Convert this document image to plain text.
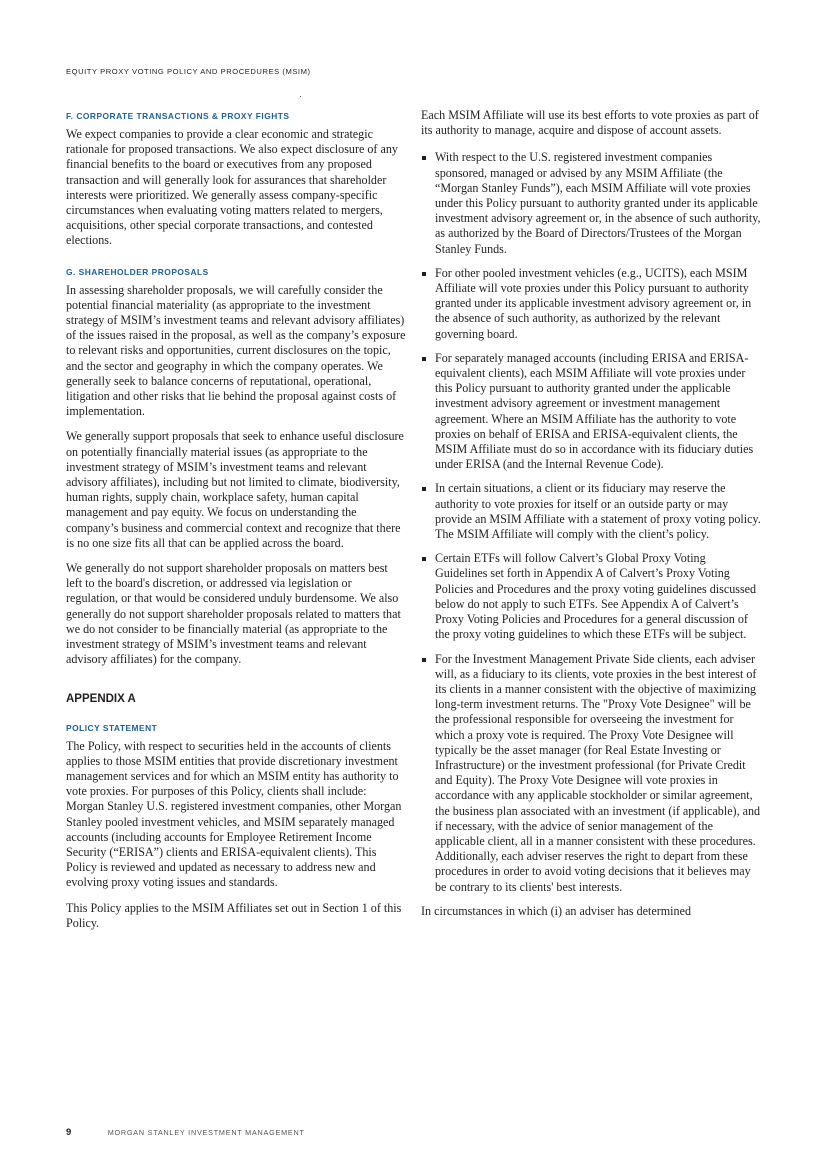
EQUITY PROXY VOTING POLICY AND PROCEDURES (MSIM)
F. CORPORATE TRANSACTIONS & PROXY FIGHTS

We expect companies to provide a clear economic and strategic rationale for proposed transactions. We also expect disclosure of any financial benefits to the board or executives from any proposed transaction and will generally look for assurances that shareholder interests were prioritized. We generally assess company-specific circumstances when evaluating voting matters related to mergers, acquisitions, other special corporate transactions, and contested elections.

G. SHAREHOLDER PROPOSALS

In assessing shareholder proposals, we will carefully consider the potential financial materiality (as appropriate to the investment strategy of MSIM’s investment teams and relevant advisory affiliates) of the issues raised in the proposal, as well as the company’s exposure to relevant risks and opportunities, current disclosures on the topic, and the sector and geography in which the company operates. We generally seek to balance concerns of reputational, operational, litigation and other risks that lie behind the proposal against costs of implementation.

We generally support proposals that seek to enhance useful disclosure on potentially financially material issues (as appropriate to the investment strategy of MSIM’s investment teams and relevant advisory affiliates), including but not limited to climate, biodiversity, human rights, supply chain, workplace safety, human capital management and pay equity. We focus on understanding the company’s business and commercial context and recognize that there is no one size fits all that can be applied across the board.

We generally do not support shareholder proposals on matters best left to the board's discretion, or addressed via legislation or regulation, or that would be considered unduly burdensome. We also generally do not support shareholder proposals related to matters that we do not consider to be financially material (as appropriate to the investment strategy of MSIM’s investment teams and relevant advisory affiliates) for the company.

APPENDIX A
POLICY STATEMENT

The Policy, with respect to securities held in the accounts of clients applies to those MSIM entities that provide discretionary investment management services and for which an MSIM entity has authority to vote proxies. For purposes of this Policy, clients shall include: Morgan Stanley U.S. registered investment companies, other Morgan Stanley pooled investment vehicles, and MSIM separately managed accounts (including accounts for Employee Retirement Income Security (“ERISA”) clients and ERISA-equivalent clients). This Policy is reviewed and updated as necessary to address new and evolving proxy voting issues and standards.

This Policy applies to the MSIM Affiliates set out in Section 1 of this Policy.

Each MSIM Affiliate will use its best efforts to vote proxies as part of its authority to manage, acquire and dispose of account assets.

With respect to the U.S. registered investment companies sponsored, managed or advised by any MSIM Affiliate (the “Morgan Stanley Funds”), each MSIM Affiliate will vote proxies under this Policy pursuant to authority granted under its applicable investment advisory agreement or, in the absence of such authority, as authorized by the Board of Directors/Trustees of the Morgan Stanley Funds.

For other pooled investment vehicles (e.g., UCITS), each MSIM Affiliate will vote proxies under this Policy pursuant to authority granted under its applicable investment advisory agreement or, in the absence of such authority, as authorized by the relevant governing board.

For separately managed accounts (including ERISA and ERISA-equivalent clients), each MSIM Affiliate will vote proxies under this Policy pursuant to authority granted under the applicable investment advisory agreement or investment management agreement. Where an MSIM Affiliate has the authority to vote proxies on behalf of ERISA and ERISA-equivalent clients, the MSIM Affiliate must do so in accordance with its fiduciary duties under ERISA (and the Internal Revenue Code).

In certain situations, a client or its fiduciary may reserve the authority to vote proxies for itself or an outside party or may provide an MSIM Affiliate with a statement of proxy voting policy. The MSIM Affiliate will comply with the client’s policy.

Certain ETFs will follow Calvert’s Global Proxy Voting Guidelines set forth in Appendix A of Calvert’s Proxy Voting Policies and Procedures and the proxy voting guidelines discussed below do not apply to such ETFs. See Appendix A of Calvert’s Proxy Voting Policies and Procedures for a general discussion of the proxy voting guidelines to which these ETFs will be subject.

For the Investment Management Private Side clients, each adviser will, as a fiduciary to its clients, vote proxies in the best interest of its clients in a manner consistent with the objective of maximizing long-term investment returns. The "Proxy Vote Designee" will be the professional responsible for overseeing the investment for which a proxy vote is required. The Proxy Vote Designee will typically be the asset manager (for Real Estate Investing or Infrastructure) or the investment professional (for Private Credit and Equity). The Proxy Vote Designee will vote proxies in accordance with any applicable stockholder or similar agreement, the business plan associated with an investment (if applicable), and if necessary, with the advice of senior management of the applicable client, all in a manner consistent with these procedures. Additionally, each adviser reserves the right to depart from these procedures in order to avoid voting decisions that it believes may be contrary to its clients' best interests.

In circumstances in which (i) an adviser has determined

9	MORGAN STANLEY INVESTMENT MANAGEMENT
